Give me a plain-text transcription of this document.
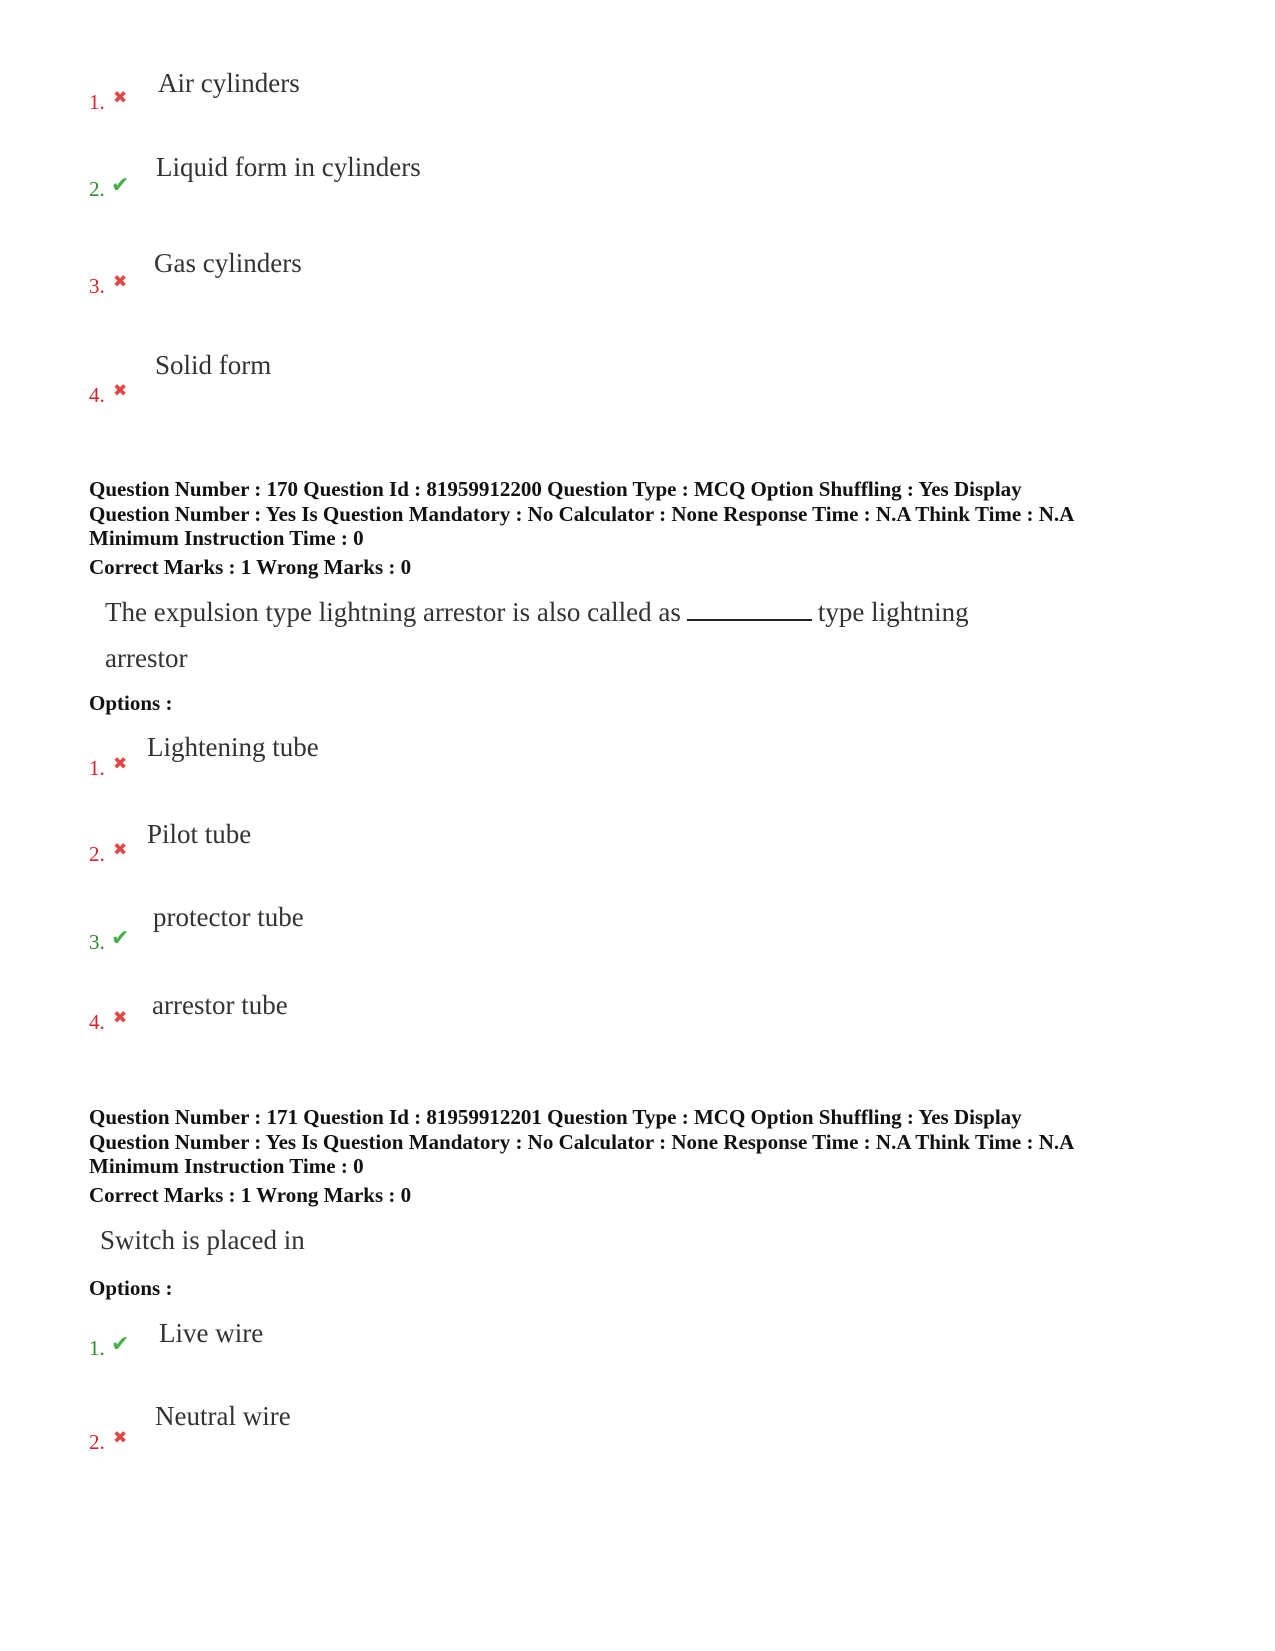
1. ✖ Air cylinders
2. ✔
Liquid form in cylinders
3. ✖
Gas cylinders
4. ✖
Solid form
Question Number : 170 Question Id : 81959912200 Question Type : MCQ Option Shuffling : Yes Display
Question Number : Yes Is Question Mandatory : No Calculator : None Response Time : N.A Think Time : N.A
Minimum Instruction Time : 0
Correct Marks : 1 Wrong Marks : 0
The expulsion type lightning arrestor is also called as	type lightning
arrestor
Options :
1. ✖
Lightening tube
2. ✖
Pilot tube
3. ✔
protector tube
4. ✖ arrestor tube
Question Number : 171 Question Id : 81959912201 Question Type : MCQ Option Shuffling : Yes Display
Question Number : Yes Is Question Mandatory : No Calculator : None Response Time : N.A Think Time : N.A
Minimum Instruction Time : 0
Correct Marks : 1 Wrong Marks : 0
Switch is placed in
Options :
1. ✔ Live wire
2. ✖
Neutral wire
